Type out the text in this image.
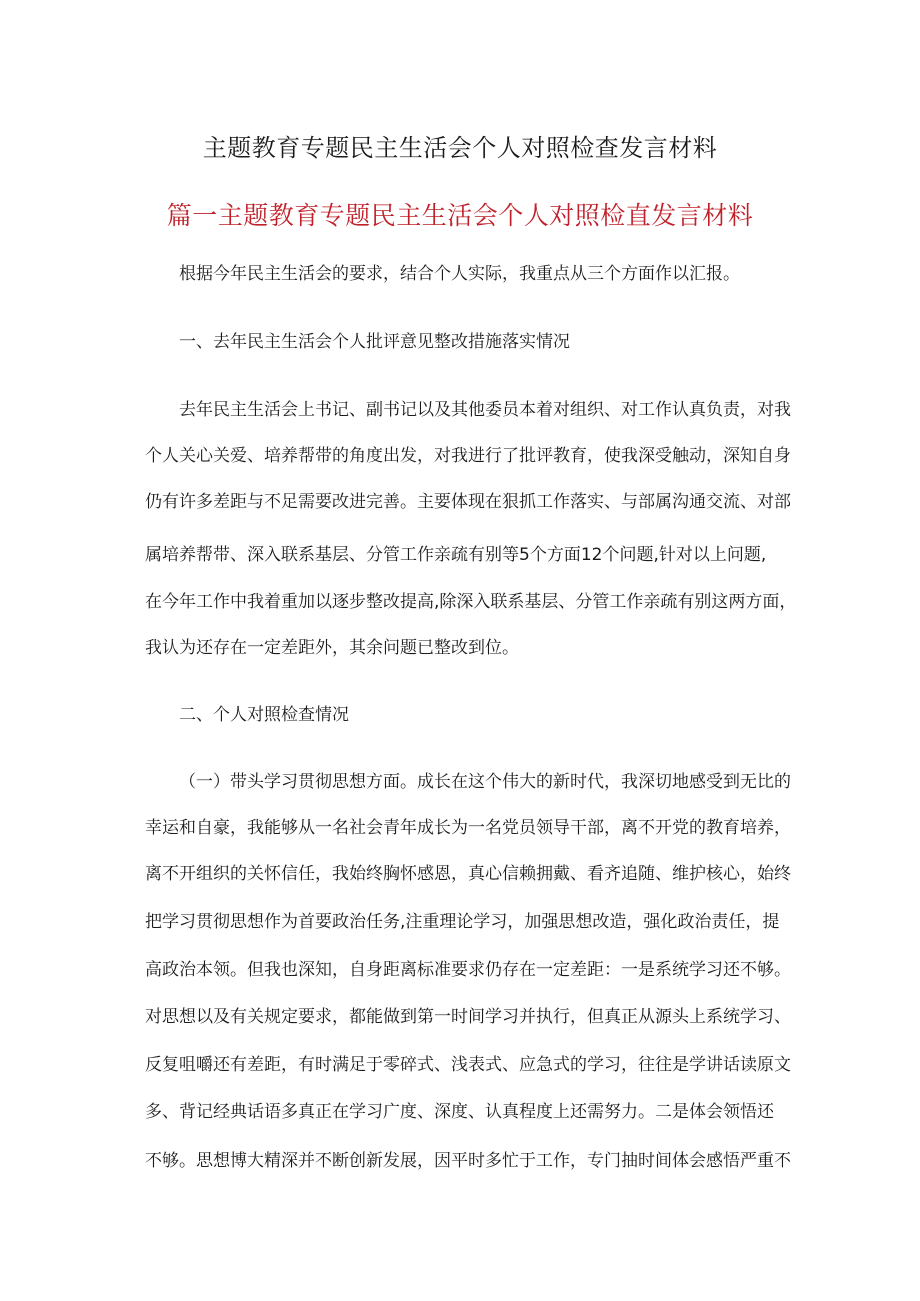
主题教育专题民主生活会个人对照检查发言材料
篇一主题教育专题民主生活会个人对照检直发言材料
根据今年民主生活会的要求，结合个人实际，我重点从三个方面作以汇报。
一、去年民主生活会个人批评意见整改措施落实情况
去年民主生活会上书记、副书记以及其他委员本着对组织、对工作认真负责，对我
个人关心关爱、培养帮带的角度出发，对我进行了批评教育，使我深受触动，深知自身
仍有许多差距与不足需要改进完善。主要体现在狠抓工作落实、与部属沟通交流、对部
属培养帮带、深入联系基层、分管工作亲疏有别等5个方面12个问题,针对以上问题,
在今年工作中我着重加以逐步整改提高,除深入联系基层、分管工作亲疏有别这两方面，
我认为还存在一定差距外，其余问题已整改到位。
二、个人对照检查情况
（一）带头学习贯彻思想方面。成长在这个伟大的新时代，我深切地感受到无比的
幸运和自豪，我能够从一名社会青年成长为一名党员领导干部，离不开党的教育培养，
离不开组织的关怀信任，我始终胸怀感恩，真心信赖拥戴、看齐追随、维护核心，始终
把学习贯彻思想作为首要政治任务,注重理论学习，加强思想改造，强化政治责任，提
高政治本领。但我也深知，自身距离标准要求仍存在一定差距：一是系统学习还不够。
对思想以及有关规定要求，都能做到第一时间学习并执行，但真正从源头上系统学习、
反复咀嚼还有差距，有时满足于零碎式、浅表式、应急式的学习，往往是学讲话读原文
多、背记经典话语多真正在学习广度、深度、认真程度上还需努力。二是体会领悟还
不够。思想博大精深并不断创新发展，因平时多忙于工作，专门抽时间体会感悟严重不
